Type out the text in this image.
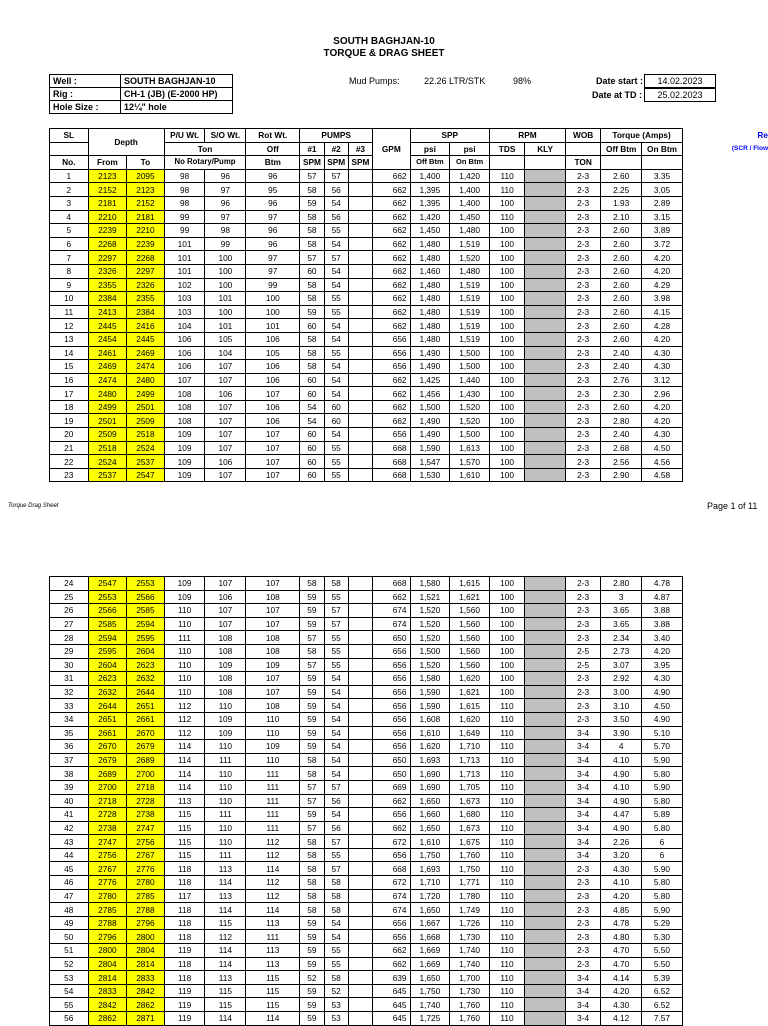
SOUTH BAGHJAN-10
TORQUE & DRAG SHEET
Well :	SOUTH BAGHJAN-10
Rig :	CH-1 (JB) (E-2000 HP)
Hole Size :	12¼" hole
Mud Pumps:	22.26 LTR/STK	98%	Date start :	14.02.2023
Date at TD :	25.02.2023
SL	Depth		P/U Wt.	S/O Wt.	Rot Wt.	PUMPS			GPM	SPP		RPM		WOB	Torque (Amps)		Re
			Ton		Off	#1	#2	#3		psi	psi	TDS	KLY		Off Btm	On Btm	(SCR / Flow
No.	From	To	No Rotary/Pump		Btm	SPM	SPM	SPM		Off Btm	On Btm			TON			
1	2123	2095	98	96	96	57	57		662	1,400	1,420	110		2-3	2.60	3.35	
2	2152	2123	98	97	95	58	56		662	1,395	1,400	110		2-3	2.25	3.05	
3	2181	2152	98	96	96	59	54		662	1,395	1,400	100		2-3	1.93	2.89	
4	2210	2181	99	97	97	58	56		662	1,420	1,450	110		2-3	2.10	3.15	
5	2239	2210	99	98	96	58	55		662	1,450	1,480	100		2-3	2.60	3.89	
6	2268	2239	101	99	96	58	54		662	1,480	1,519	100		2-3	2.60	3.72	
7	2297	2268	101	100	97	57	57		662	1,480	1,520	100		2-3	2.60	4.20	
8	2326	2297	101	100	97	60	54		662	1,460	1,480	100		2-3	2.60	4.20	
9	2355	2326	102	100	99	58	54		662	1,480	1,519	100		2-3	2.60	4.29	
10	2384	2355	103	101	100	58	55		662	1,480	1,519	100		2-3	2.60	3.98	
11	2413	2384	103	100	100	59	55		662	1,480	1,519	100		2-3	2.60	4.15	
12	2445	2416	104	101	101	60	54		662	1,480	1,519	100		2-3	2.60	4.28	
13	2454	2445	106	105	106	58	54		656	1,480	1,519	100		2-3	2.60	4.20	
14	2461	2469	106	104	105	58	55		656	1,490	1,500	100		2-3	2.40	4.30	
15	2469	2474	106	107	106	58	54		656	1,490	1,500	100		2-3	2.40	4.30	
16	2474	2480	107	107	106	60	54		662	1,425	1,440	100		2-3	2.76	3.12	
17	2480	2499	108	106	107	60	54		662	1,456	1,430	100		2-3	2.30	2.96	
18	2499	2501	108	107	106	54	60		662	1,500	1,520	100		2-3	2.60	4.20	
19	2501	2509	108	107	106	54	60		662	1,490	1,520	100		2-3	2.80	4.20	
20	2509	2518	109	107	107	60	54		656	1,490	1,500	100		2-3	2.40	4.30	
21	2518	2524	109	107	107	60	55		668	1,590	1,613	100		2-3	2.68	4.50	
22	2524	2537	109	106	107	60	55		668	1,547	1,570	100		2-3	2.56	4.56	
23	2537	2547	109	107	107	60	55		668	1,530	1,610	100		2-3	2.90	4.58	
Torque Drag Sheet	Page 1 of 11
24	2547	2553	109	107	107	58	58		668	1,580	1,615	100		2-3	2.80	4.78	
25	2553	2566	109	106	108	59	55		662	1,521	1,621	100		2-3	3	4.87	
26	2566	2585	110	107	107	59	57		674	1,520	1,560	100		2-3	3.65	3.88	
27	2585	2594	110	107	107	59	57		674	1,520	1,560	100		2-3	3.65	3.88	
28	2594	2595	111	108	108	57	55		650	1,520	1,560	100		2-3	2.34	3.40	
29	2595	2604	110	108	108	58	55		656	1,500	1,560	100		2-5	2.73	4.20	
30	2604	2623	110	109	109	57	55		656	1,520	1,560	100		2-5	3.07	3.95	
31	2623	2632	110	108	107	59	54		656	1,580	1,620	100		2-3	2.92	4.30	
32	2632	2644	110	108	107	59	54		656	1,590	1,621	100		2-3	3.00	4.90	
33	2644	2651	112	110	108	59	54		656	1,590	1,615	110		2-3	3.10	4.50	
34	2651	2661	112	109	110	59	54		656	1,608	1,620	110		2-3	3.50	4.90	
35	2661	2670	112	109	110	59	54		656	1,610	1,649	110		3-4	3.90	5.10	
36	2670	2679	114	110	109	59	54		656	1,620	1,710	110		3-4	4	5.70	
37	2679	2689	114	111	110	58	54		650	1,693	1,713	110		3-4	4.10	5.90	
38	2689	2700	114	110	111	58	54		650	1,690	1,713	110		3-4	4.90	5.80	
39	2700	2718	114	110	111	57	57		669	1,690	1,705	110		3-4	4.10	5.90	
40	2718	2728	113	110	111	57	56		662	1,650	1,673	110		3-4	4.90	5.80	
41	2728	2738	115	111	111	59	54		656	1,660	1,680	110		3-4	4.47	5.89	
42	2738	2747	115	110	111	57	56		662	1,650	1,673	110		3-4	4.90	5.80	
43	2747	2756	115	110	112	58	57		672	1,610	1,675	110		3-4	2.26	6	
44	2756	2767	115	111	112	58	55		656	1,750	1,760	110		3-4	3.20	6	
45	2767	2776	118	113	114	58	57		668	1,693	1,750	110		2-3	4.30	5.90	
46	2776	2780	118	114	112	58	58		672	1,710	1,771	110		2-3	4.10	5.80	
47	2780	2785	117	113	112	58	58		674	1,720	1,780	110		2-3	4.20	5.80	
48	2785	2788	118	114	114	58	58		674	1,650	1,749	110		2-3	4.85	5.90	
49	2788	2796	118	115	113	59	54		656	1,667	1,726	110		2-3	4.78	5.29	
50	2796	2800	118	112	111	59	54		656	1,668	1,730	110		2-3	4.80	5.30	
51	2800	2804	119	114	113	59	55		662	1,669	1,740	110		2-3	4.70	5.50	
52	2804	2814	118	114	113	59	55		662	1,669	1,740	110		2-3	4.70	5.50	
53	2814	2833	118	113	115	52	58		639	1,650	1,700	110		3-4	4.14	5.39	
54	2833	2842	119	115	115	59	52		645	1,750	1,730	110		3-4	4.20	6.52	
55	2842	2862	119	115	115	59	53		645	1,740	1,760	110		3-4	4.30	6.52	
56	2862	2871	119	114	114	59	53		645	1,725	1,760	110		3-4	4.12	7.57	
